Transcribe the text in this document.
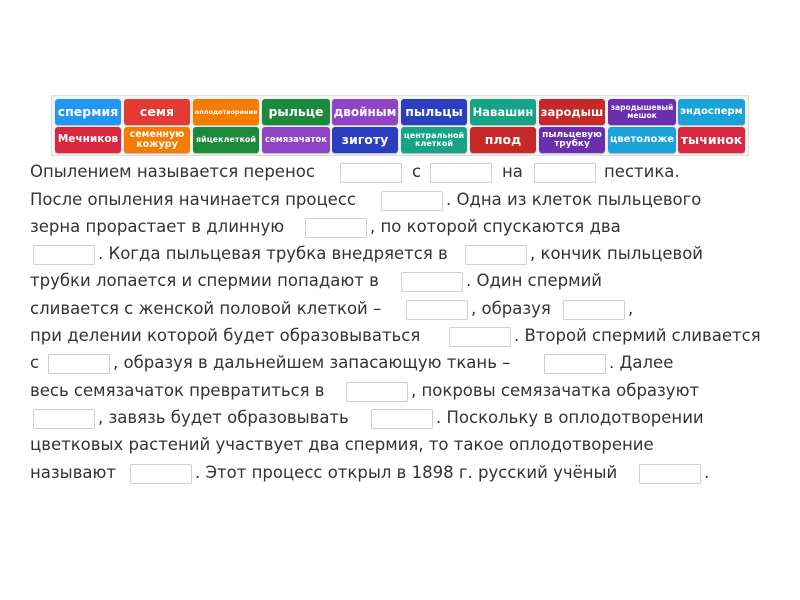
спермия	семя	оплодотворения рыльце двойным пыльцы Навашин зародыш зародышевый мешок	эндосперм
Мечников	семенную кожуру	яйцеклеткой	семязачаток	зиготу	центральной клеткой	плод	пыльцевую трубку	цветоложе тычинок
Опылением называется перенос	с	на	пестика.
После опыления начинается процесс	. Одна из клеток пыльцевого
зерна прорастает в длинную	, по которой спускаются два
. Когда пыльцевая трубка внедряется в	, кончик пыльцевой
трубки лопается и спермии попадают в	. Один спермий
сливается с женской половой клеткой –	, образуя	,
при делении которой будет образовываться	. Второй спермий сливается
с	, образуя в дальнейшем запасающую ткань –	. Далее
весь семязачаток превратиться в	, покровы семязачатка образуют
, завязь будет образовывать	. Поскольку в оплодотворении
цветковых растений участвует два спермия, то такое оплодотворение
называют	. Этот процесс открыл в 1898 г. русский учёный	.
